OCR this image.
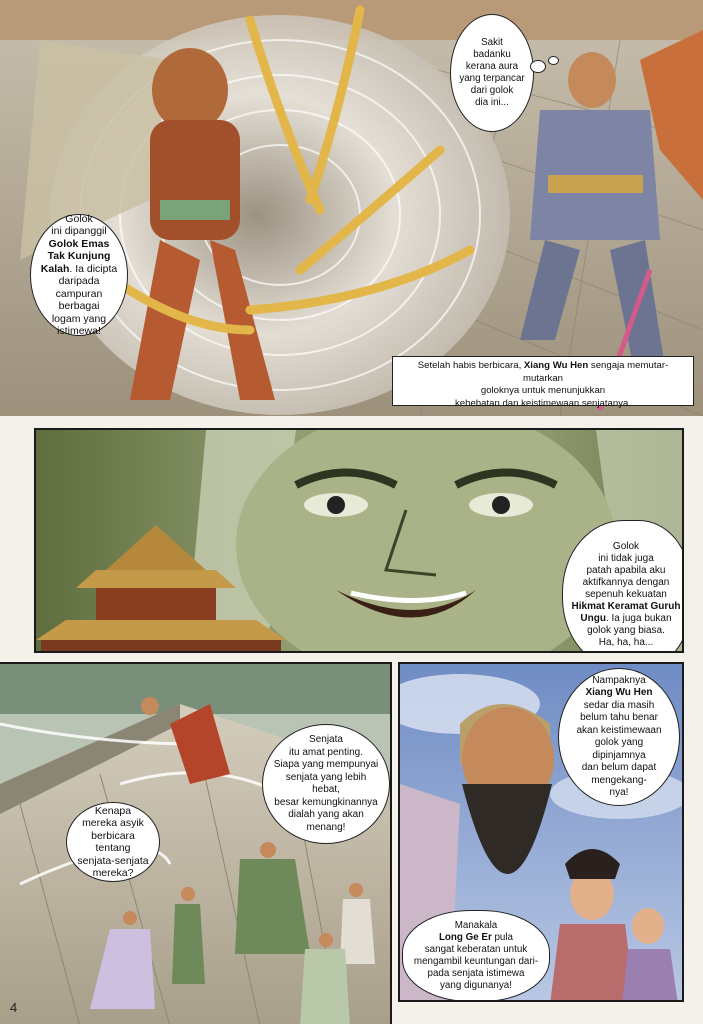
Sakit
badanku
kerana aura
yang terpancar
dari golok
dia ini...
Golok
ini dipanggil
Golok Emas
Tak Kunjung
Kalah. Ia dicipta
daripada campuran
berbagai
logam yang
istimewa!
Setelah habis berbicara, Xiang Wu Hen sengaja memutar-mutarkan
goloknya untuk menunjukkan
kehebatan dan keistimewaan senjatanya.
Golok
ini tidak juga
patah apabila aku
aktifkannya dengan
sepenuh kekuatan
Hikmat Keramat Guruh
Ungu. Ia juga bukan
golok yang biasa.
Ha, ha, ha...
Senjata
itu amat penting.
Siapa yang mempunyai
senjata yang lebih hebat,
besar kemungkinannya
dialah yang akan
menang!
Kenapa
mereka asyik
berbicara tentang
senjata-senjata
mereka?
Nampaknya
Xiang Wu Hen
sedar dia masih
belum tahu benar
akan keistimewaan
golok yang dipinjamnya
dan belum dapat
mengekang-
nya!
Manakala
Long Ge Er pula
sangat keberatan untuk
mengambil keuntungan dari-
pada senjata istimewa
yang digunanya!
4
